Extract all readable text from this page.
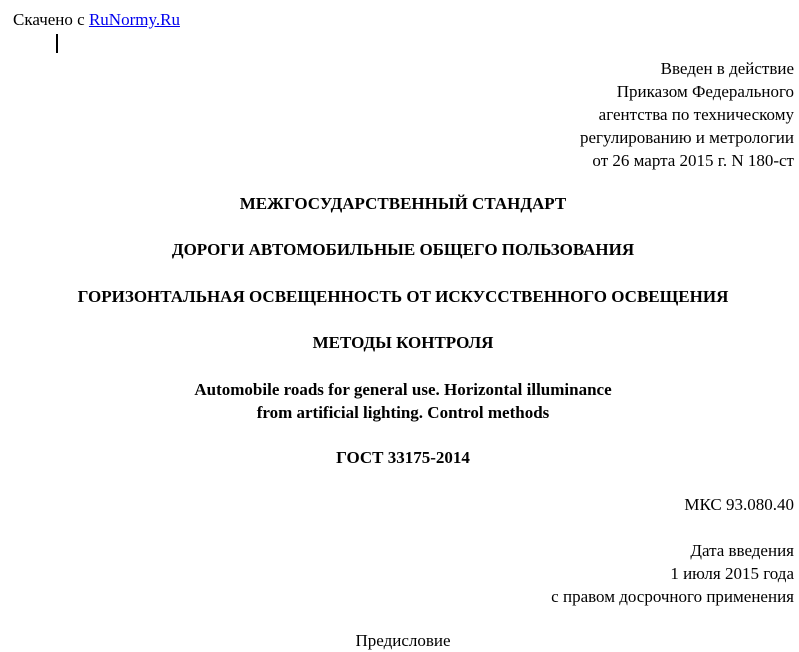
Скачено с RuNormy.Ru
Введен в действие
Приказом Федерального
агентства по техническому
регулированию и метрологии
от 26 марта 2015 г. N 180-ст
МЕЖГОСУДАРСТВЕННЫЙ СТАНДАРТ
ДОРОГИ АВТОМОБИЛЬНЫЕ ОБЩЕГО ПОЛЬЗОВАНИЯ
ГОРИЗОНТАЛЬНАЯ ОСВЕЩЕННОСТЬ ОТ ИСКУССТВЕННОГО ОСВЕЩЕНИЯ
МЕТОДЫ КОНТРОЛЯ
Automobile roads for general use. Horizontal illuminance
from artificial lighting. Control methods
ГОСТ 33175-2014
МКС 93.080.40
Дата введения
1 июля 2015 года
с правом досрочного применения
Предисловие
